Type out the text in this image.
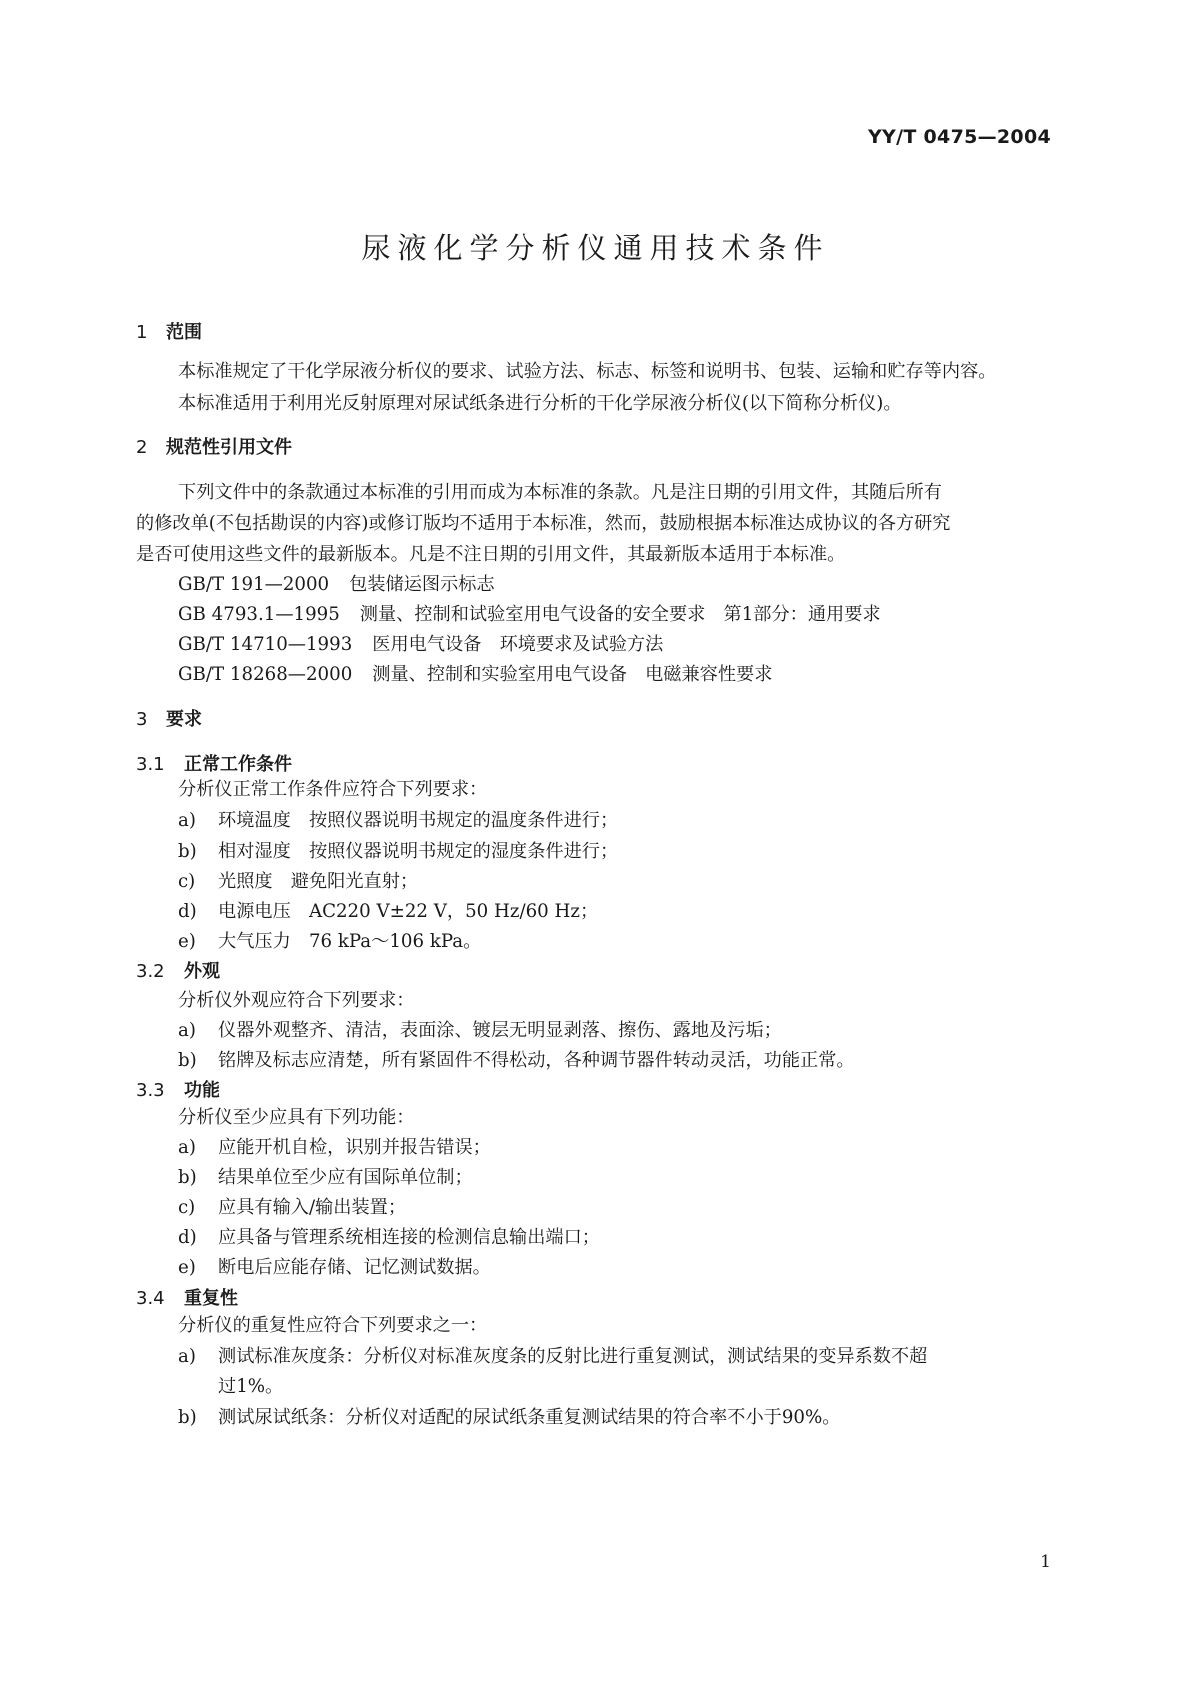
YY/T 0475—2004
尿液化学分析仪通用技术条件
1 范围
本标准规定了干化学尿液分析仪的要求、试验方法、标志、标签和说明书、包装、运输和贮存等内容。
本标准适用于利用光反射原理对尿试纸条进行分析的干化学尿液分析仪(以下简称分析仪)。
2 规范性引用文件
下列文件中的条款通过本标准的引用而成为本标准的条款。凡是注日期的引用文件，其随后所有
的修改单(不包括勘误的内容)或修订版均不适用于本标准，然而，鼓励根据本标准达成协议的各方研究
是否可使用这些文件的最新版本。凡是不注日期的引用文件，其最新版本适用于本标准。
GB/T 191—2000 包装储运图示标志
GB 4793.1—1995 测量、控制和试验室用电气设备的安全要求　第1部分：通用要求
GB/T 14710—1993 医用电气设备　环境要求及试验方法
GB/T 18268—2000 测量、控制和实验室用电气设备　电磁兼容性要求
3 要求
3.1 正常工作条件
分析仪正常工作条件应符合下列要求：
a) 环境温度　按照仪器说明书规定的温度条件进行；
b) 相对湿度　按照仪器说明书规定的湿度条件进行；
c) 光照度　避免阳光直射；
d) 电源电压　AC220 V±22 V，50 Hz/60 Hz；
e) 大气压力　76 kPa～106 kPa。
3.2 外观
分析仪外观应符合下列要求：
a) 仪器外观整齐、清洁，表面涂、镀层无明显剥落、擦伤、露地及污垢；
b) 铭牌及标志应清楚，所有紧固件不得松动，各种调节器件转动灵活，功能正常。
3.3 功能
分析仪至少应具有下列功能：
a) 应能开机自检，识别并报告错误；
b) 结果单位至少应有国际单位制；
c) 应具有输入/输出装置；
d) 应具备与管理系统相连接的检测信息输出端口；
e) 断电后应能存储、记忆测试数据。
3.4 重复性
分析仪的重复性应符合下列要求之一：
a) 测试标准灰度条：分析仪对标准灰度条的反射比进行重复测试，测试结果的变异系数不超
过1%。
b) 测试尿试纸条：分析仪对适配的尿试纸条重复测试结果的符合率不小于90%。
1
